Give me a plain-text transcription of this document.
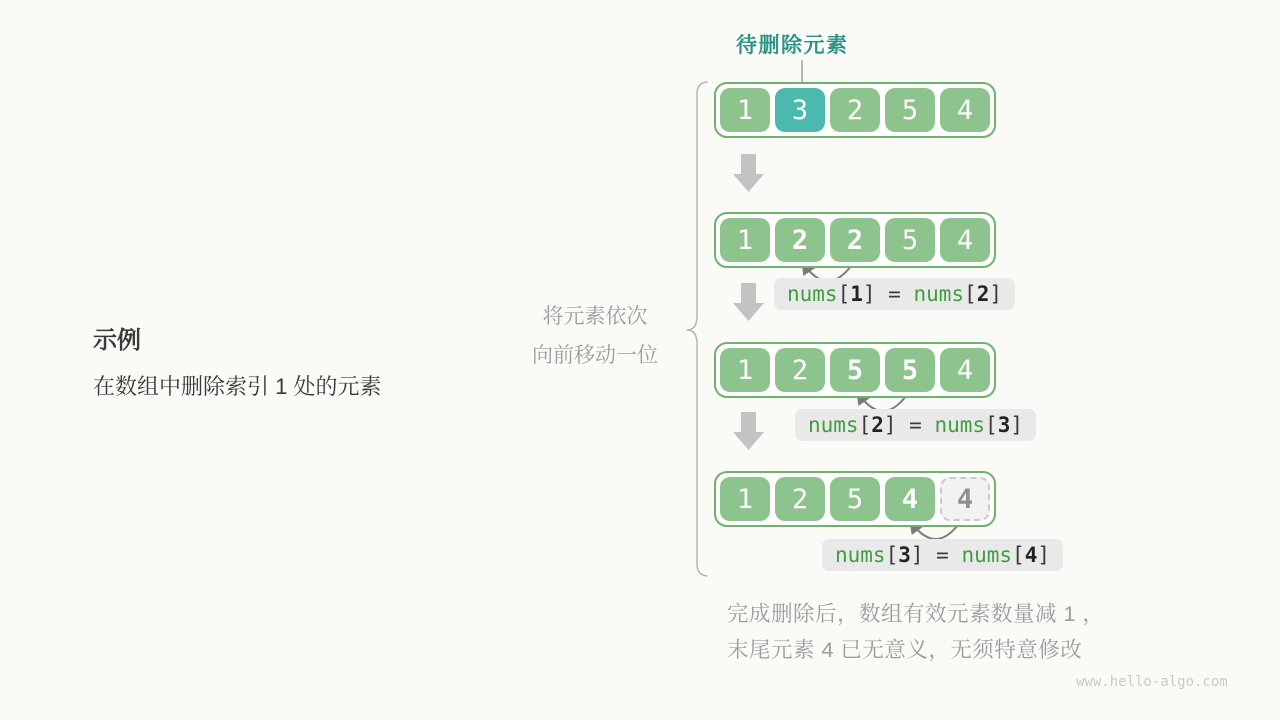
待删除元素
1	3	2	5	4
1	2	2	5	4
1	2	5	5	4
1	2	5	4	4
nums[1] = nums[2]
nums[2] = nums[3]
nums[3] = nums[4]
示例
在数组中删除索引 1 处的元素
将元素依次
向前移动一位
完成删除后，数组有效元素数量减 1 ，
末尾元素 4 已无意义，无须特意修改
www.hello-algo.com
